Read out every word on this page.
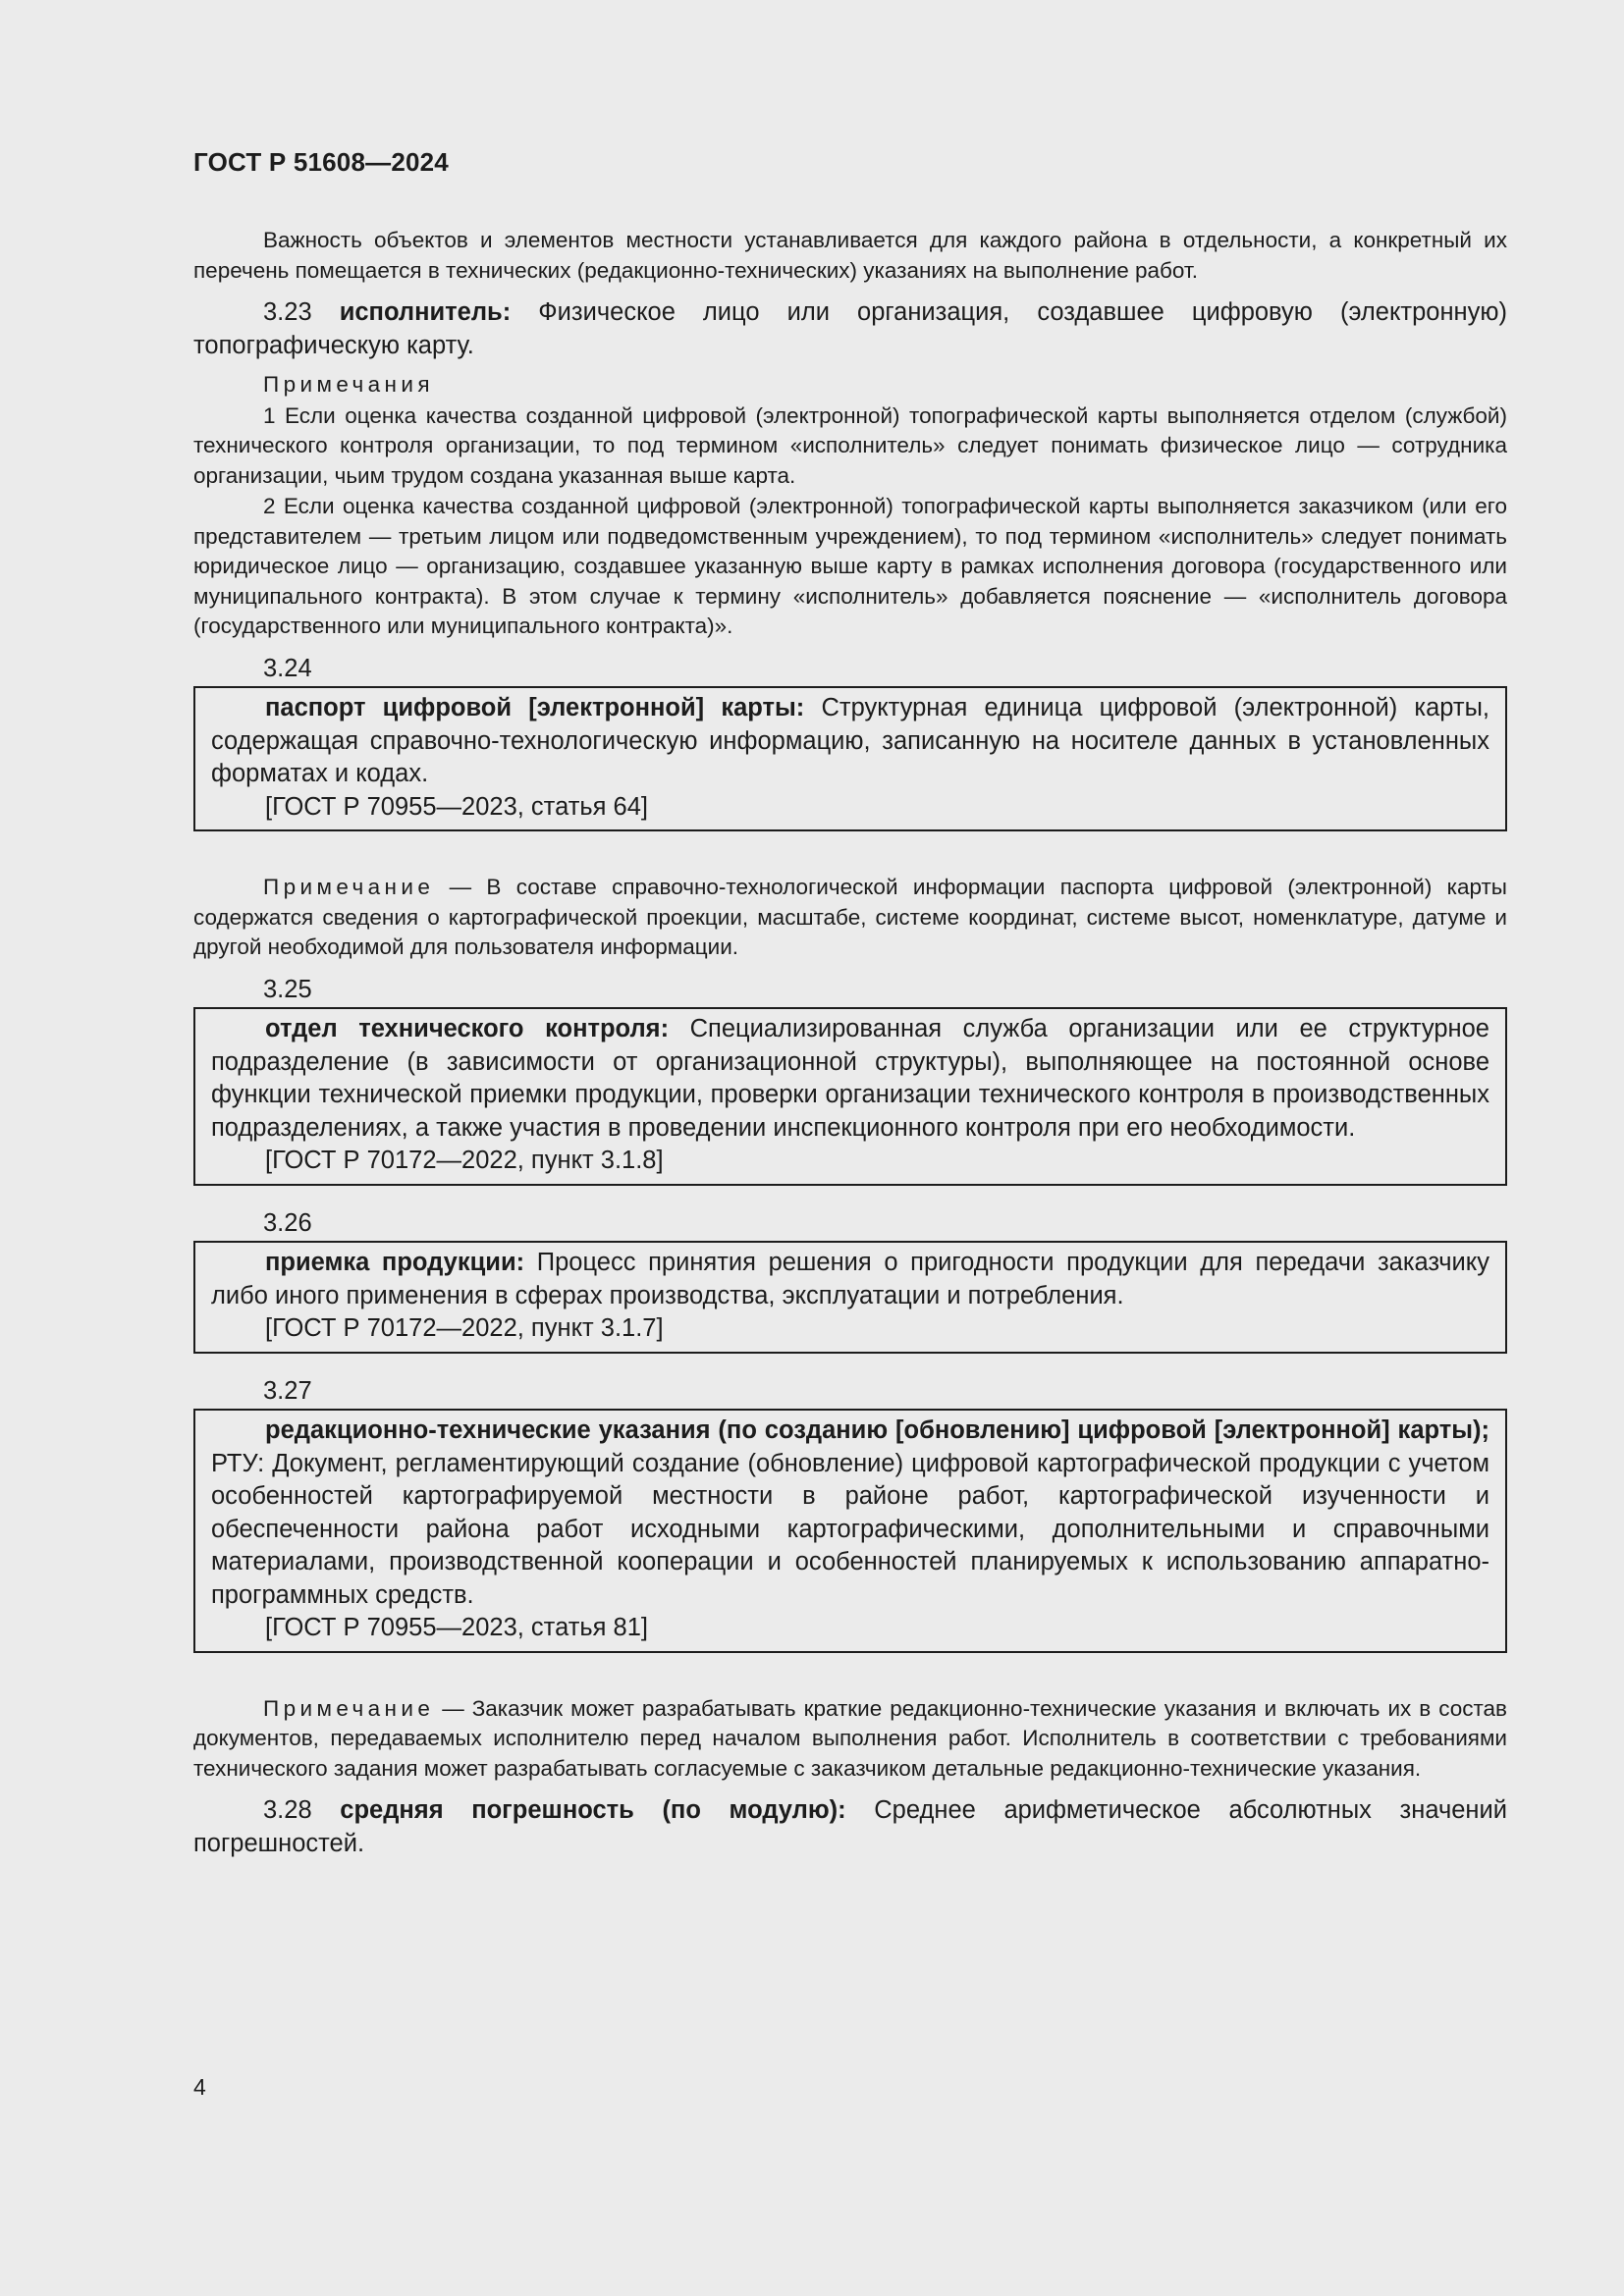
ГОСТ Р 51608—2024

Важность объектов и элементов местности устанавливается для каждого района в отдельности, а конкретный их перечень помещается в технических (редакционно-технических) указаниях на выполнение работ.

3.23 исполнитель: Физическое лицо или организация, создавшее цифровую (электронную) топографическую карту.

Примечания

1 Если оценка качества созданной цифровой (электронной) топографической карты выполняется отделом (службой) технического контроля организации, то под термином «исполнитель» следует понимать физическое лицо — сотрудника организации, чьим трудом создана указанная выше карта.

2 Если оценка качества созданной цифровой (электронной) топографической карты выполняется заказчиком (или его представителем — третьим лицом или подведомственным учреждением), то под термином «исполнитель» следует понимать юридическое лицо — организацию, создавшее указанную выше карту в рамках исполнения договора (государственного или муниципального контракта). В этом случае к термину «исполнитель» добавляется пояснение — «исполнитель договора (государственного или муниципального контракта)».

3.24

паспорт цифровой [электронной] карты: Структурная единица цифровой (электронной) карты, содержащая справочно-технологическую информацию, записанную на носителе данных в установленных форматах и кодах.

[ГОСТ Р 70955—2023, статья 64]

Примечание — В составе справочно-технологической информации паспорта цифровой (электронной) карты содержатся сведения о картографической проекции, масштабе, системе координат, системе высот, номенклатуре, датуме и другой необходимой для пользователя информации.

3.25

отдел технического контроля: Специализированная служба организации или ее структурное подразделение (в зависимости от организационной структуры), выполняющее на постоянной основе функции технической приемки продукции, проверки организации технического контроля в производственных подразделениях, а также участия в проведении инспекционного контроля при его необходимости.

[ГОСТ Р 70172—2022, пункт 3.1.8]

3.26

приемка продукции: Процесс принятия решения о пригодности продукции для передачи заказчику либо иного применения в сферах производства, эксплуатации и потребления.

[ГОСТ Р 70172—2022, пункт 3.1.7]

3.27

редакционно-технические указания (по созданию [обновлению] цифровой [электронной] карты); РТУ: Документ, регламентирующий создание (обновление) цифровой картографической продукции с учетом особенностей картографируемой местности в районе работ, картографической изученности и обеспеченности района работ исходными картографическими, дополнительными и справочными материалами, производственной кооперации и особенностей планируемых к использованию аппаратно-программных средств.

[ГОСТ Р 70955—2023, статья 81]

Примечание — Заказчик может разрабатывать краткие редакционно-технические указания и включать их в состав документов, передаваемых исполнителю перед началом выполнения работ. Исполнитель в соответствии с требованиями технического задания может разрабатывать согласуемые с заказчиком детальные редакционно-технические указания.

3.28 средняя погрешность (по модулю): Среднее арифметическое абсолютных значений погрешностей.

4
